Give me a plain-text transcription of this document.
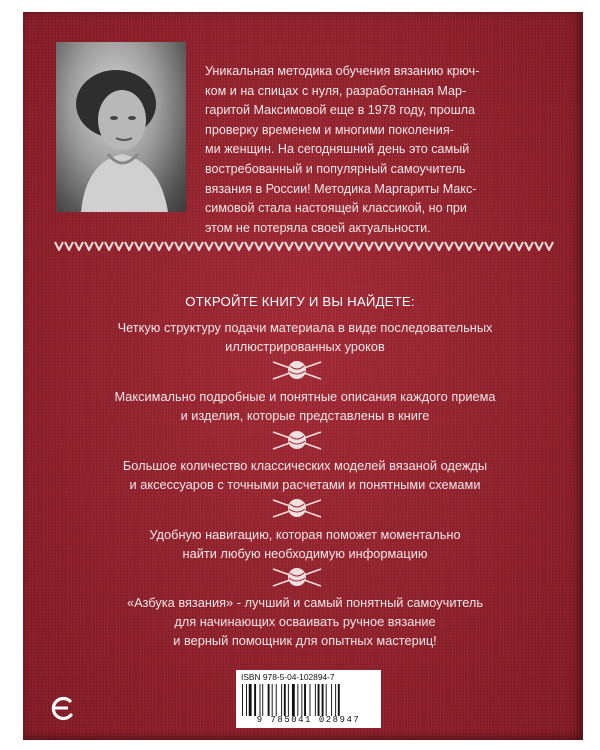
Уникальная методика обучения вязанию крюч-
ком и на спицах с нуля, разработанная Мар-
гаритой Максимовой еще в 1978 году, прошла
проверку временем и многими поколения-
ми женщин. На сегодняшний день это самый
востребованный и популярный самоучитель
вязания в России! Методика Маргариты Макс-
симовой стала настоящей классикой, но при
этом не потеряла своей актуальности.
ОТКРОЙТЕ КНИГУ И ВЫ НАЙДЕТЕ:
Четкую структуру подачи материала в виде последовательных
иллюстрированных уроков
Максимально подробные и понятные описания каждого приема
и изделия, которые представлены в книге
Большое количество классических моделей вязаной одежды
и аксессуаров с точными расчетами и понятными схемами
Удобную навигацию, которая поможет моментально
найти любую необходимую информацию
«Азбука вязания» - лучший и самый понятный самоучитель
для начинающих осваивать ручное вязание
и верный помощник для опытных мастериц!
ISBN 978-5-04-102894-7
9 785041 028947
